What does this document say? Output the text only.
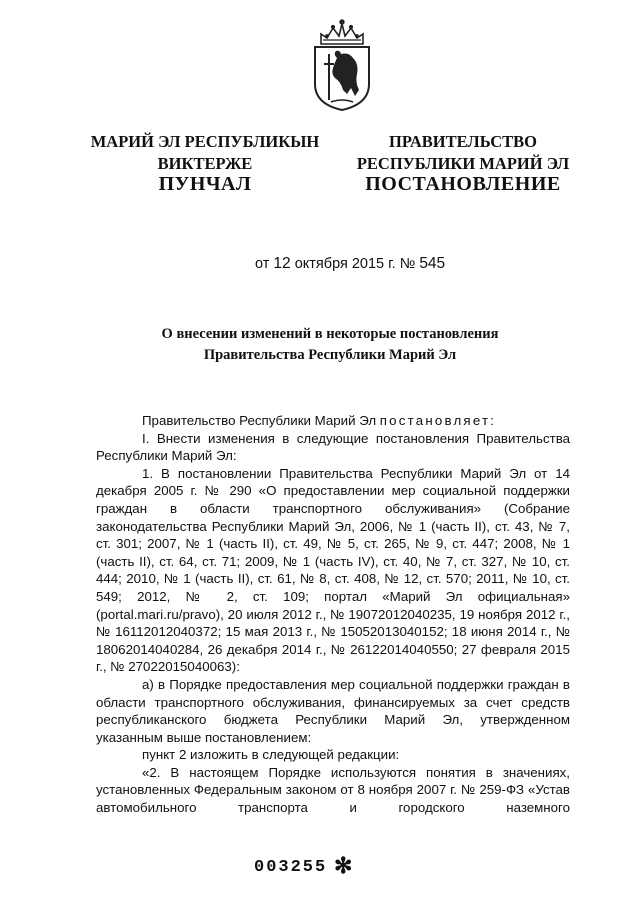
МАРИЙ ЭЛ РЕСПУБЛИКЫН
ВИКТЕРЖЕ
ПРАВИТЕЛЬСТВО
РЕСПУБЛИКИ МАРИЙ ЭЛ
ПУНЧАЛ	ПОСТАНОВЛЕНИЕ
от 12 октября 2015 г. № 545
О внесении изменений в некоторые постановления
Правительства Республики Марий Эл

Правительство Республики Марий Эл постановляет:

I. Внести изменения в следующие постановления Правительства Республики Марий Эл:

1. В постановлении Правительства Республики Марий Эл от 14 декабря 2005 г. № 290 «О предоставлении мер социальной поддержки граждан в области транспортного обслуживания» (Собрание законодательства Республики Марий Эл, 2006, № 1 (часть II), ст. 43, № 7, ст. 301; 2007, № 1 (часть II), ст. 49, № 5, ст. 265, № 9, ст. 447; 2008, № 1 (часть II), ст. 64, ст. 71; 2009, № 1 (часть IV), ст. 40, № 7, ст. 327, № 10, ст. 444; 2010, № 1 (часть II), ст. 61, № 8, ст. 408, № 12, ст. 570; 2011, № 10, ст. 549; 2012, № 2, ст. 109; портал «Марий Эл официальная» (portal.mari.ru/pravo), 20 июля 2012 г., № 19072012040235, 19 ноября 2012 г., № 16112012040372; 15 мая 2013 г., № 15052013040152; 18 июня 2014 г., № 18062014040284, 26 декабря 2014 г., № 26122014040550; 27 февраля 2015 г., № 27022015040063):

а) в Порядке предоставления мер социальной поддержки граждан в области транспортного обслуживания, финансируемых за счет средств республиканского бюджета Республики Марий Эл, утвержденном указанным выше постановлением:

пункт 2 изложить в следующей редакции:

«2. В настоящем Порядке используются понятия в значениях, установленных Федеральным законом от 8 ноября 2007 г. № 259-ФЗ «Устав автомобильного транспорта и городского наземного

003255 ✻
